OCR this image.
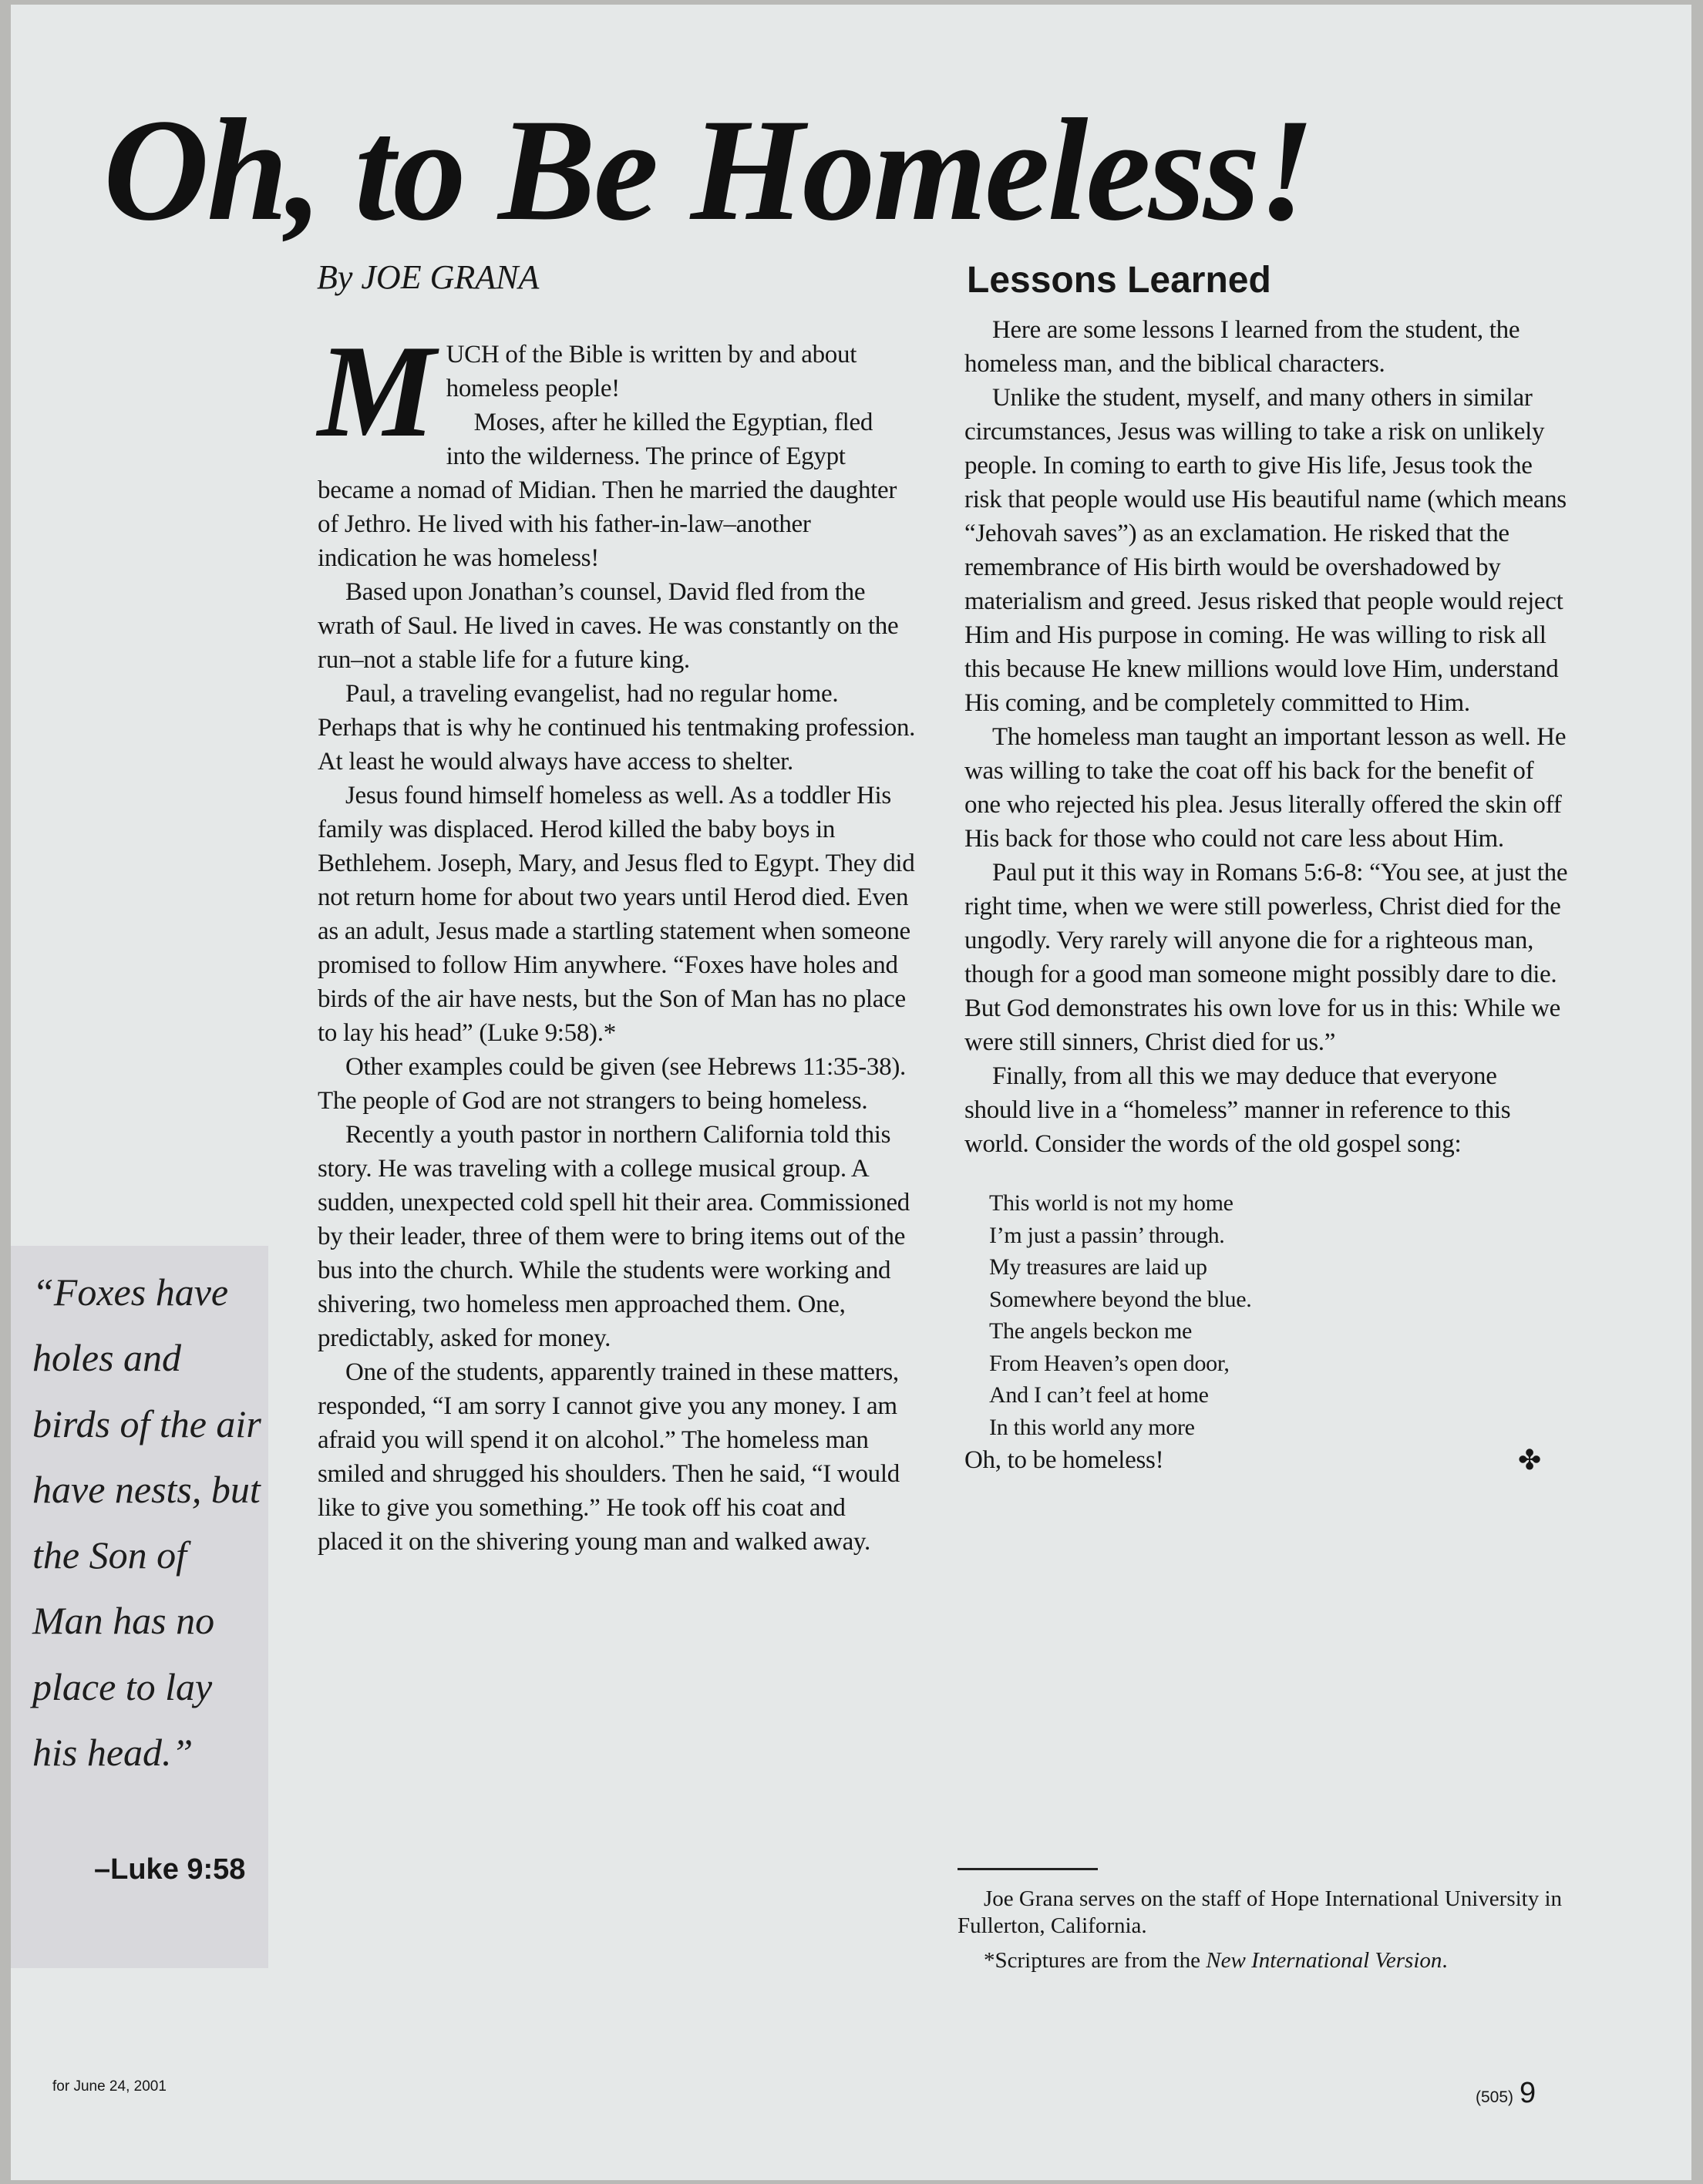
Oh, to Be Homeless!

By JOE GRANA

“Foxes have holes and birds of the air have nests, but the Son of Man has no place to lay his head.”

–Luke 9:58

MUCH of the Bible is written by and about homeless people!

Moses, after he killed the Egyptian, fled into the wilderness. The prince of Egypt became a nomad of Midian. Then he married the daughter of Jethro. He lived with his father-in-law–another indication he was homeless!

Based upon Jonathan’s counsel, David fled from the wrath of Saul. He lived in caves. He was constantly on the run–not a stable life for a future king.

Paul, a traveling evangelist, had no regular home. Perhaps that is why he continued his tentmaking profession. At least he would always have access to shelter.

Jesus found himself homeless as well. As a toddler His family was displaced. Herod killed the baby boys in Bethlehem. Joseph, Mary, and Jesus fled to Egypt. They did not return home for about two years until Herod died. Even as an adult, Jesus made a startling statement when someone promised to follow Him anywhere. “Foxes have holes and birds of the air have nests, but the Son of Man has no place to lay his head” (Luke 9:58).*

Other examples could be given (see Hebrews 11:35-38). The people of God are not strangers to being homeless.

Recently a youth pastor in northern California told this story. He was traveling with a college musical group. A sudden, unexpected cold spell hit their area. Commissioned by their leader, three of them were to bring items out of the bus into the church. While the students were working and shivering, two homeless men approached them. One, predictably, asked for money.

One of the students, apparently trained in these matters, responded, “I am sorry I cannot give you any money. I am afraid you will spend it on alcohol.” The homeless man smiled and shrugged his shoulders. Then he said, “I would like to give you something.” He took off his coat and placed it on the shivering young man and walked away.

Lessons Learned

Here are some lessons I learned from the student, the homeless man, and the biblical characters.

Unlike the student, myself, and many others in similar circumstances, Jesus was willing to take a risk on unlikely people. In coming to earth to give His life, Jesus took the risk that people would use His beautiful name (which means “Jehovah saves”) as an exclamation. He risked that the remembrance of His birth would be overshadowed by materialism and greed. Jesus risked that people would reject Him and His purpose in coming. He was willing to risk all this because He knew millions would love Him, understand His coming, and be completely committed to Him.

The homeless man taught an important lesson as well. He was willing to take the coat off his back for the benefit of one who rejected his plea. Jesus literally offered the skin off His back for those who could not care less about Him.

Paul put it this way in Romans 5:6-8: “You see, at just the right time, when we were still powerless, Christ died for the ungodly. Very rarely will anyone die for a righteous man, though for a good man someone might possibly dare to die. But God demonstrates his own love for us in this: While we were still sinners, Christ died for us.”

Finally, from all this we may deduce that everyone should live in a “homeless” manner in reference to this world. Consider the words of the old gospel song:

This world is not my home
I’m just a passin’ through.
My treasures are laid up
Somewhere beyond the blue.
The angels beckon me
From Heaven’s open door,
And I can’t feel at home
In this world any more

Oh, to be homeless!	✤

Joe Grana serves on the staff of Hope International University in Fullerton, California.
*Scriptures are from the New International Version.

for June 24, 2001

(505) 9
